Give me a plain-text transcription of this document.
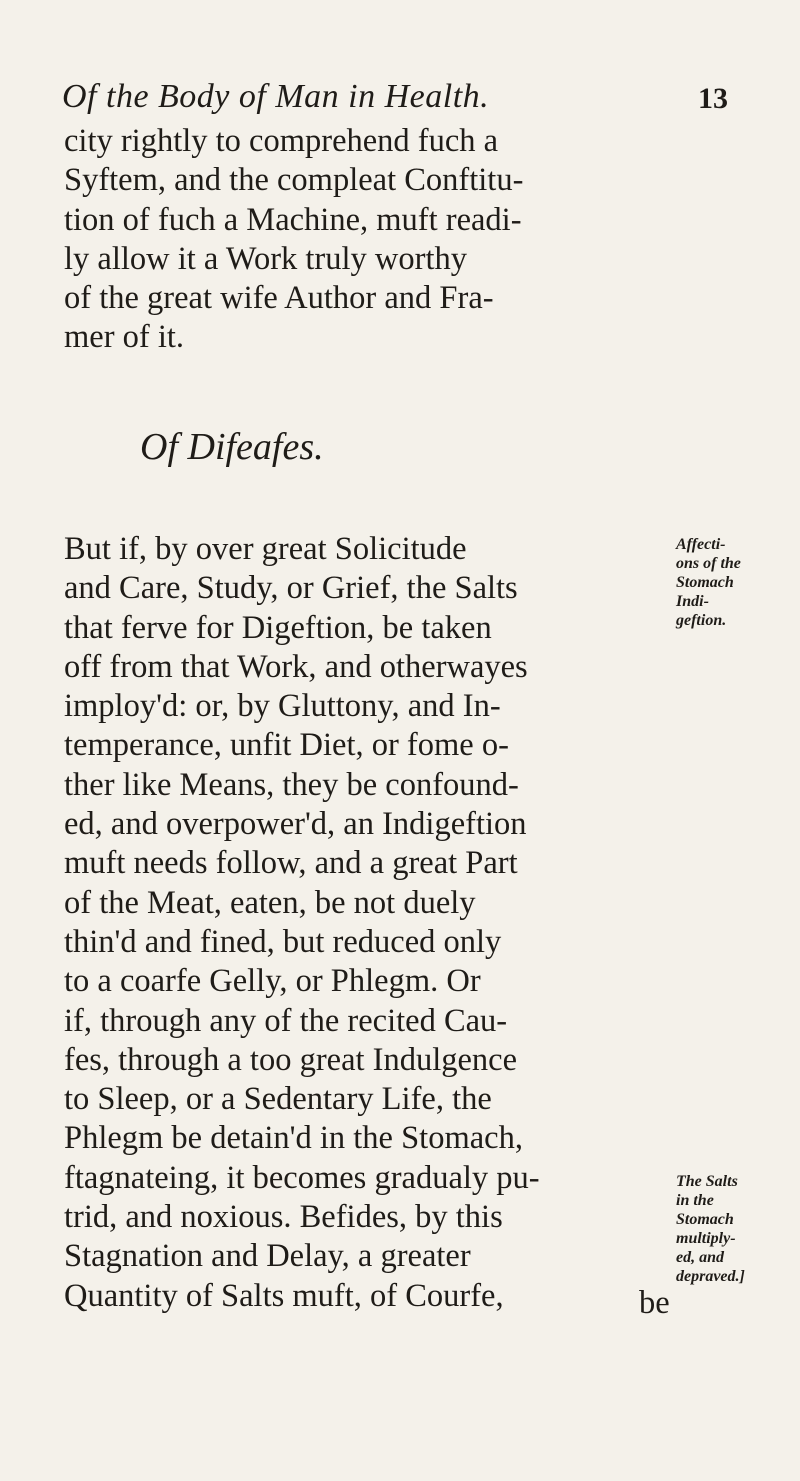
Of the Body of Man in Health.	13
city rightly to comprehend fuch a
Syftem, and the compleat Conftitu-
tion of fuch a Machine, muft readi-
ly allow it a Work truly worthy
of the great wife Author and Fra-
mer of it.
Of Difeafes.
But if, by over great Solicitude
and Care, Study, or Grief, the Salts
that ferve for Digeftion, be taken
off from that Work, and otherwayes
imploy'd: or, by Gluttony, and In-
temperance, unfit Diet, or fome o-
ther like Means, they be confound-
ed, and overpower'd, an Indigeftion
muft needs follow, and a great Part
of the Meat, eaten, be not duely
thin'd and fined, but reduced only
to a coarfe Gelly, or Phlegm. Or
if, through any of the recited Cau-
fes, through a too great Indulgence
to Sleep, or a Sedentary Life, the
Phlegm be detain'd in the Stomach,
ftagnateing, it becomes gradualy pu-
trid, and noxious. Befides, by this
Stagnation and Delay, a greater
Quantity of Salts muft, of Courfe,
Affecti-
ons of the
Stomach
Indi-
geftion.
The Salts
in the
Stomach
multiply-
ed, and
depraved.]
be
